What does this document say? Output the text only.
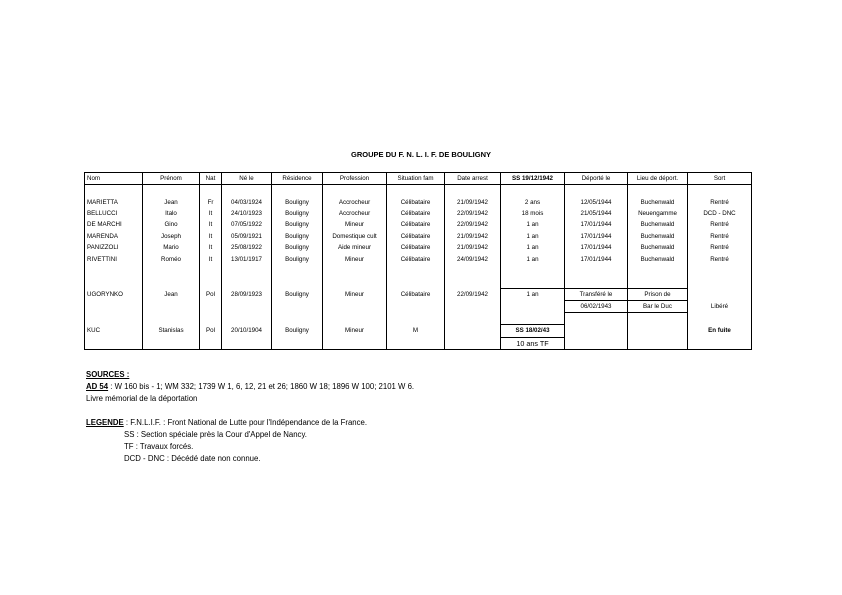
GROUPE DU F. N. L. I. F. DE BOULIGNY
Nom	Prénom	Nat	Né le	Résidence	Profession	Situation fam	Date arrest	SS 19/12/1942	Déporté le	Lieu de déport.	Sort

MARIETTA	Jean	Fr	04/03/1924	Bouligny	Accrocheur	Célibataire	21/09/1942	2 ans	12/05/1944	Buchenwald	Rentré
BELLUCCI	Italo	It	24/10/1923	Bouligny	Accrocheur	Célibataire	22/09/1942	18 mois	21/05/1944	Neuengamme	DCD - DNC
DE MARCHI	Gino	It	07/05/1922	Bouligny	Mineur	Célibataire	22/09/1942	1 an	17/01/1944	Buchenwald	Rentré
MARENDA	Joseph	It	05/09/1921	Bouligny	Domestique cult	Célibataire	21/09/1942	1 an	17/01/1944	Buchenwald	Rentré
PANIZZOLI	Mario	It	25/08/1922	Bouligny	Aide mineur	Célibataire	21/09/1942	1 an	17/01/1944	Buchenwald	Rentré
RIVETTINI	Roméo	It	13/01/1917	Bouligny	Mineur	Célibataire	24/09/1942	1 an	17/01/1944	Buchenwald	Rentré

UGORYNKO	Jean	Pol	28/09/1923	Bouligny	Mineur	Célibataire	22/09/1942	1 an	Transféré le	Prison de	
									06/02/1943	Bar le Duc	Libéré

KUC	Stanislas	Pol	20/10/1904	Bouligny	Mineur	M		SS 18/02/43			En fuite
								10 ans TF			
SOURCES :
AD 54 : W 160 bis - 1; WM 332; 1739 W 1, 6, 12, 21 et 26; 1860 W 18; 1896 W 100; 2101 W 6.
Livre mémorial de la déportation
LEGENDE : F.N.L.I.F. : Front National de Lutte pour l'Indépendance de la France.
SS : Section spéciale près la Cour d'Appel de Nancy.
TF : Travaux forcés.
DCD - DNC : Décédé date non connue.
